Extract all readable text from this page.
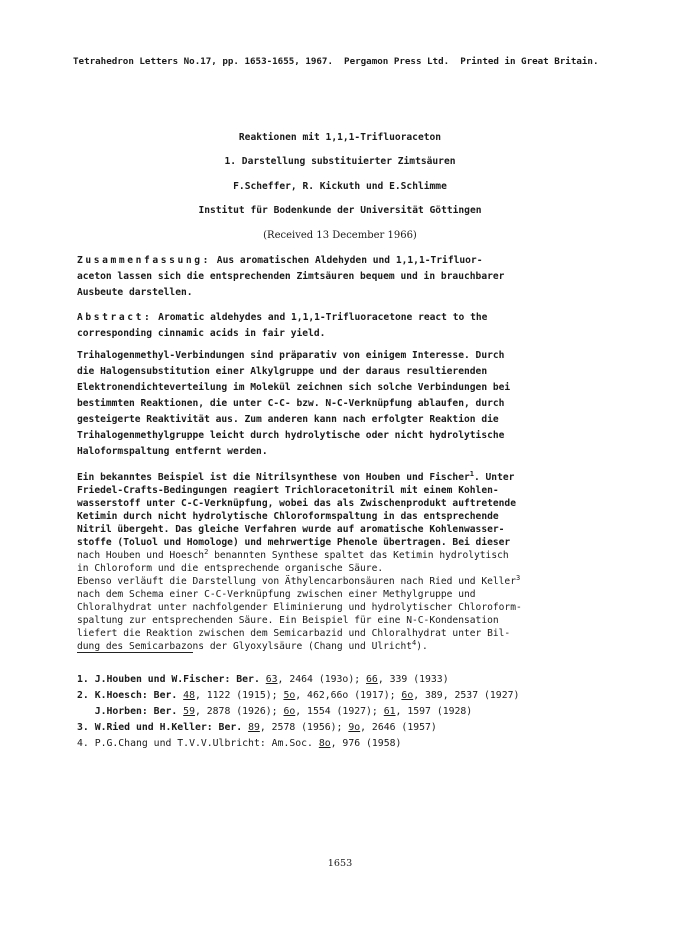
Tetrahedron Letters No.17, pp. 1653-1655, 1967.  Pergamon Press Ltd.  Printed in Great Britain.
Reaktionen mit 1,1,1-Trifluoraceton
1. Darstellung substituierter Zimtsäuren
F.Scheffer, R. Kickuth und E.Schlimme
Institut für Bodenkunde der Universität Göttingen
(Received 13 December 1966)
Zusammenfassung: Aus aromatischen Aldehyden und 1,1,1-Trifluor-
aceton lassen sich die entsprechenden Zimtsäuren bequem und in brauchbarer
Ausbeute darstellen.
Abstract: Aromatic aldehydes and 1,1,1-Trifluoracetone react to the
corresponding cinnamic acids in fair yield.
Trihalogenmethyl-Verbindungen sind präparativ von einigem Interesse. Durch
die Halogensubstitution einer Alkylgruppe und der daraus resultierenden
Elektronendichteverteilung im Molekül zeichnen sich solche Verbindungen bei
bestimmten Reaktionen, die unter C-C- bzw. N-C-Verknüpfung ablaufen, durch
gesteigerte Reaktivität aus. Zum anderen kann nach erfolgter Reaktion die
Trihalogenmethylgruppe leicht durch hydrolytische oder nicht hydrolytische
Haloformspaltung entfernt werden.
Ein bekanntes Beispiel ist die Nitrilsynthese von Houben und Fischer$^1$. Unter
Friedel-Crafts-Bedingungen reagiert Trichloracetonitril mit einem Kohlen-
wasserstoff unter C-C-Verknüpfung, wobei das als Zwischenprodukt auftretende
Ketimin durch nicht hydrolytische Chloroformspaltung in das entsprechende
Nitril übergeht. Das gleiche Verfahren wurde auf aromatische Kohlenwasser-
stoffe (Toluol und Homologe) und mehrwertige Phenole übertragen. Bei dieser
nach Houben und Hoesch$^2$ benannten Synthese spaltet das Ketimin hydrolytisch
in Chloroform und die entsprechende organische Säure.
Ebenso verläuft die Darstellung von Äthylencarbonsäuren nach Ried und Keller$^3$
nach dem Schema einer C-C-Verknüpfung zwischen einer Methylgruppe und
Chloralhydrat unter nachfolgender Eliminierung und hydrolytischer Chloroform-
spaltung zur entsprechenden Säure. Ein Beispiel für eine N-C-Kondensation
liefert die Reaktion zwischen dem Semicarbazid und Chloralhydrat unter Bil-
dung des Semicarbazons der Glyoxylsäure (Chang und Ulricht$^4$).
1. J.Houben und W.Fischer: Ber. 63, 2464 (193o); 66, 339 (1933)
2. K.Hoesch: Ber. 48, 1122 (1915); 5o, 462,66o (1917); 6o, 389, 2537 (1927)
J.Horben: Ber. 59, 2878 (1926); 6o, 1554 (1927); 61, 1597 (1928)
3. W.Ried und H.Keller: Ber. 89, 2578 (1956); 9o, 2646 (1957)
4. P.G.Chang und T.V.V.Ulbricht: Am.Soc. 8o, 976 (1958)
1653
